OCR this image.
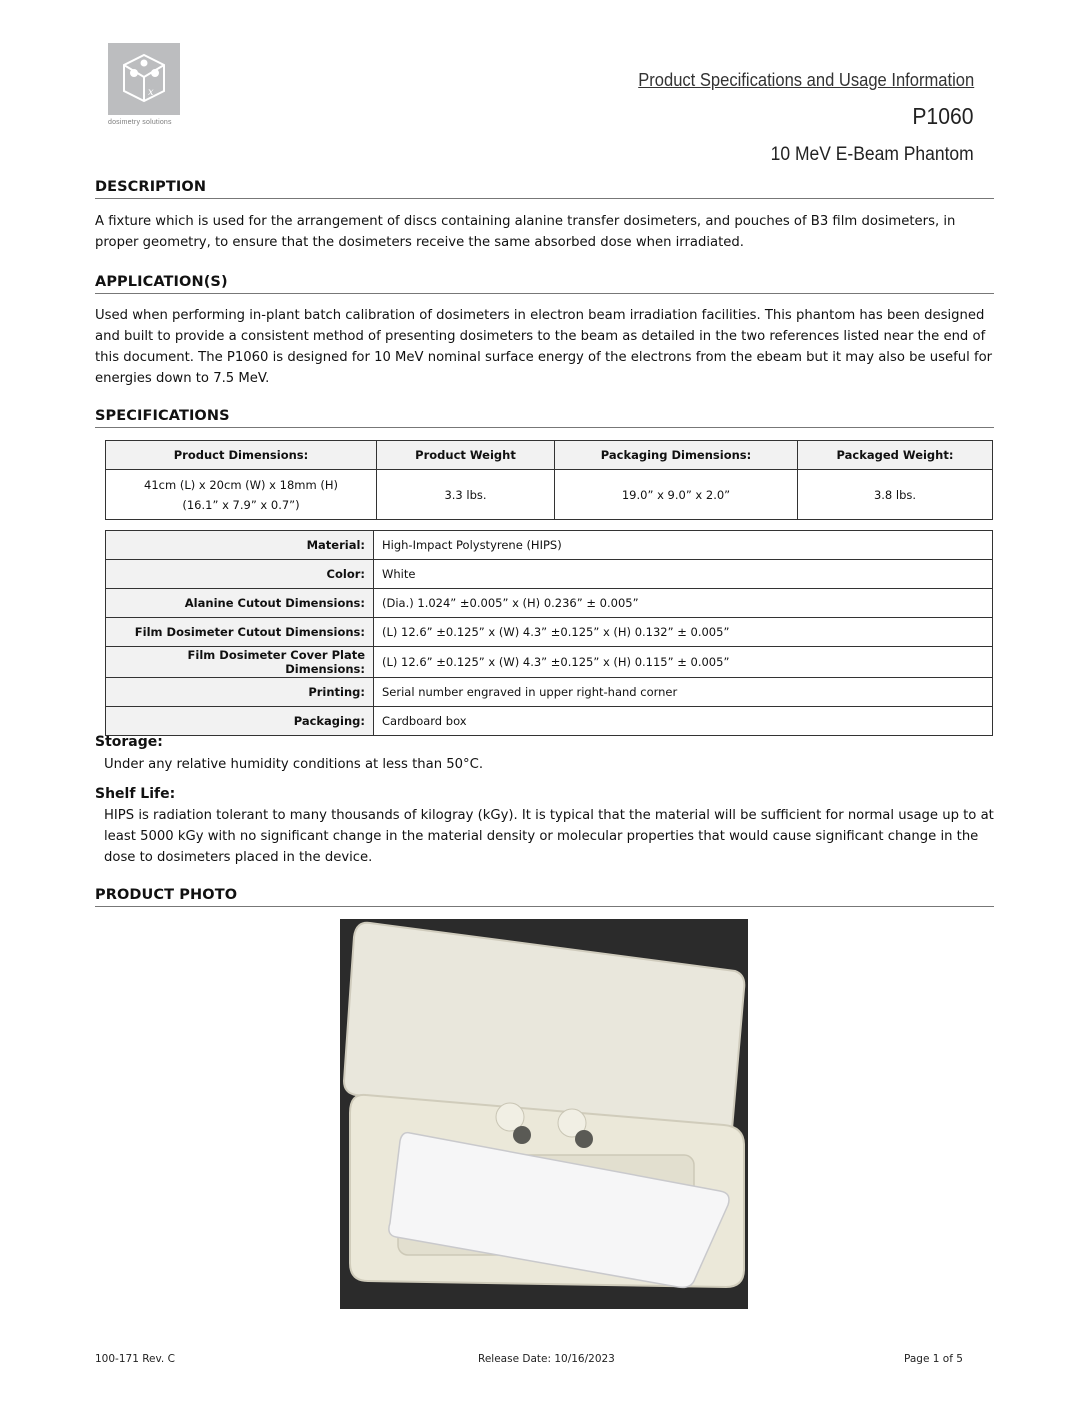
x
dosimetry solutions
Product Specifications and Usage Information
P1060
10 MeV E-Beam Phantom
DESCRIPTION
A fixture which is used for the arrangement of discs containing alanine transfer dosimeters, and pouches of B3 film dosimeters, in proper geometry, to ensure that the dosimeters receive the same absorbed dose when irradiated.
APPLICATION(S)
Used when performing in-plant batch calibration of dosimeters in electron beam irradiation facilities. This phantom has been designed and built to provide a consistent method of presenting dosimeters to the beam as detailed in the two references listed near the end of this document. The P1060 is designed for 10 MeV nominal surface energy of the electrons from the ebeam but it may also be useful for energies down to 7.5 MeV.
SPECIFICATIONS
Product Dimensions:	Product Weight	Packaging Dimensions:	Packaged Weight:

41cm (L) x 20cm (W) x 18mm (H)
(16.1” x 7.9” x 0.7”)	3.3 lbs.	19.0” x 9.0” x 2.0”	3.8 lbs.
Material:	High-Impact Polystyrene (HIPS)
Color:	White
Alanine Cutout Dimensions:	(Dia.) 1.024” ±0.005” x (H) 0.236” ± 0.005”
Film Dosimeter Cutout Dimensions:	(L) 12.6” ±0.125” x (W) 4.3” ±0.125” x (H) 0.132” ± 0.005”
Film Dosimeter Cover Plate Dimensions:	(L) 12.6” ±0.125” x (W) 4.3” ±0.125” x (H) 0.115” ± 0.005”
Printing:	Serial number engraved in upper right-hand corner
Packaging:	Cardboard box
Storage:
Under any relative humidity conditions at less than 50°C.
Shelf Life:
HIPS is radiation tolerant to many thousands of kilogray (kGy). It is typical that the material will be sufficient for normal usage up to at least 5000 kGy with no significant change in the material density or molecular properties that would cause significant change in the dose to dosimeters placed in the device.
PRODUCT PHOTO
100-171 Rev. C	Release Date: 10/16/2023	Page 1 of 5
